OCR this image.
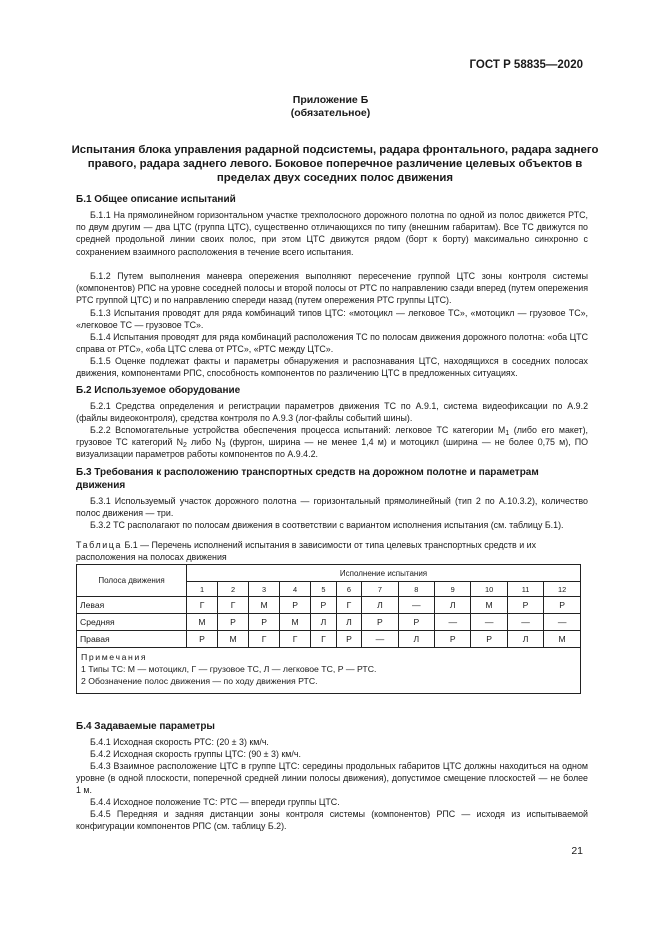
ГОСТ Р 58835—2020
Приложение Б
(обязательное)
Испытания блока управления радарной подсистемы, радара фронтального, радара заднего правого, радара заднего левого. Боковое поперечное различение целевых объектов в пределах двух соседних полос движения
Б.1 Общее описание испытаний
Б.1.1 На прямолинейном горизонтальном участке трехполосного дорожного полотна по одной из полос движется РТС, по двум другим — два ЦТС (группа ЦТС), существенно отличающихся по типу (внешним габаритам). Все ТС движутся по средней продольной линии своих полос, при этом ЦТС движутся рядом (борт к борту) максимально синхронно с сохранением взаимного расположения в течение всего испытания.
Б.1.2 Путем выполнения маневра опережения выполняют пересечение группой ЦТС зоны контроля системы (компонентов) РПС на уровне соседней полосы и второй полосы от РТС по направлению сзади вперед (путем опережения РТС группой ЦТС) и по направлению спереди назад (путем опережения РТС группы ЦТС).
Б.1.3 Испытания проводят для ряда комбинаций типов ЦТС: «мотоцикл — легковое ТС», «мотоцикл — грузовое ТС», «легковое ТС — грузовое ТС».
Б.1.4 Испытания проводят для ряда комбинаций расположения ТС по полосам движения дорожного полотна: «оба ЦТС справа от РТС», «оба ЦТС слева от РТС», «РТС между ЦТС».
Б.1.5 Оценке подлежат факты и параметры обнаружения и распознавания ЦТС, находящихся в соседних полосах движения, компонентами РПС, способность компонентов по различению ЦТС в предложенных ситуациях.
Б.2 Используемое оборудование
Б.2.1 Средства определения и регистрации параметров движения ТС по А.9.1, система видеофиксации по А.9.2 (файлы видеоконтроля), средства контроля по А.9.3 (лог-файлы событий шины).
Б.2.2 Вспомогательные устройства обеспечения процесса испытаний: легковое ТС категории $М_1$ (либо его макет), грузовое ТС категорий $N_2$ либо $N_3$ (фургон, ширина — не менее 1,4 м) и мотоцикл (ширина — не более 0,75 м), ПО визуализации параметров работы компонентов по А.9.4.2.
Б.3 Требования к расположению транспортных средств на дорожном полотне и параметрам движения
Б.3.1 Используемый участок дорожного полотна — горизонтальный прямолинейный (тип 2 по А.10.3.2), количество полос движения — три.
Б.3.2 ТС располагают по полосам движения в соответствии с вариантом исполнения испытания (см. таблицу Б.1).
Таблица Б.1 — Перечень исполнений испытания в зависимости от типа целевых транспортных средств и их расположения на полосах движения
Полоса движения	Исполнение испытания											
	1	2	3	4	5	6	7	8	9	10	11	12
Левая	Г	Г	М	Р	Р	Г	Л	—	Л	М	Р	Р
Средняя	М	Р	Р	М	Л	Л	Р	Р	—	—	—	—
Правая	Р	М	Г	Г	Г	Р	—	Л	Р	Р	Л	М

Примечания
1 Типы ТС: М — мотоцикл, Г — грузовое ТС, Л — легковое ТС, Р — РТС.
2 Обозначение полос движения — по ходу движения РТС.												
Б.4 Задаваемые параметры
Б.4.1 Исходная скорость РТС: (20 ± 3) км/ч.
Б.4.2 Исходная скорость группы ЦТС: (90 ± 3) км/ч.
Б.4.3 Взаимное расположение ЦТС в группе ЦТС: середины продольных габаритов ЦТС должны находиться на одном уровне (в одной плоскости, поперечной средней линии полосы движения), допустимое смещение плоскостей — не более 1 м.
Б.4.4 Исходное положение ТС: РТС — впереди группы ЦТС.
Б.4.5 Передняя и задняя дистанции зоны контроля системы (компонентов) РПС — исходя из испытываемой конфигурации компонентов РПС (см. таблицу Б.2).
21
